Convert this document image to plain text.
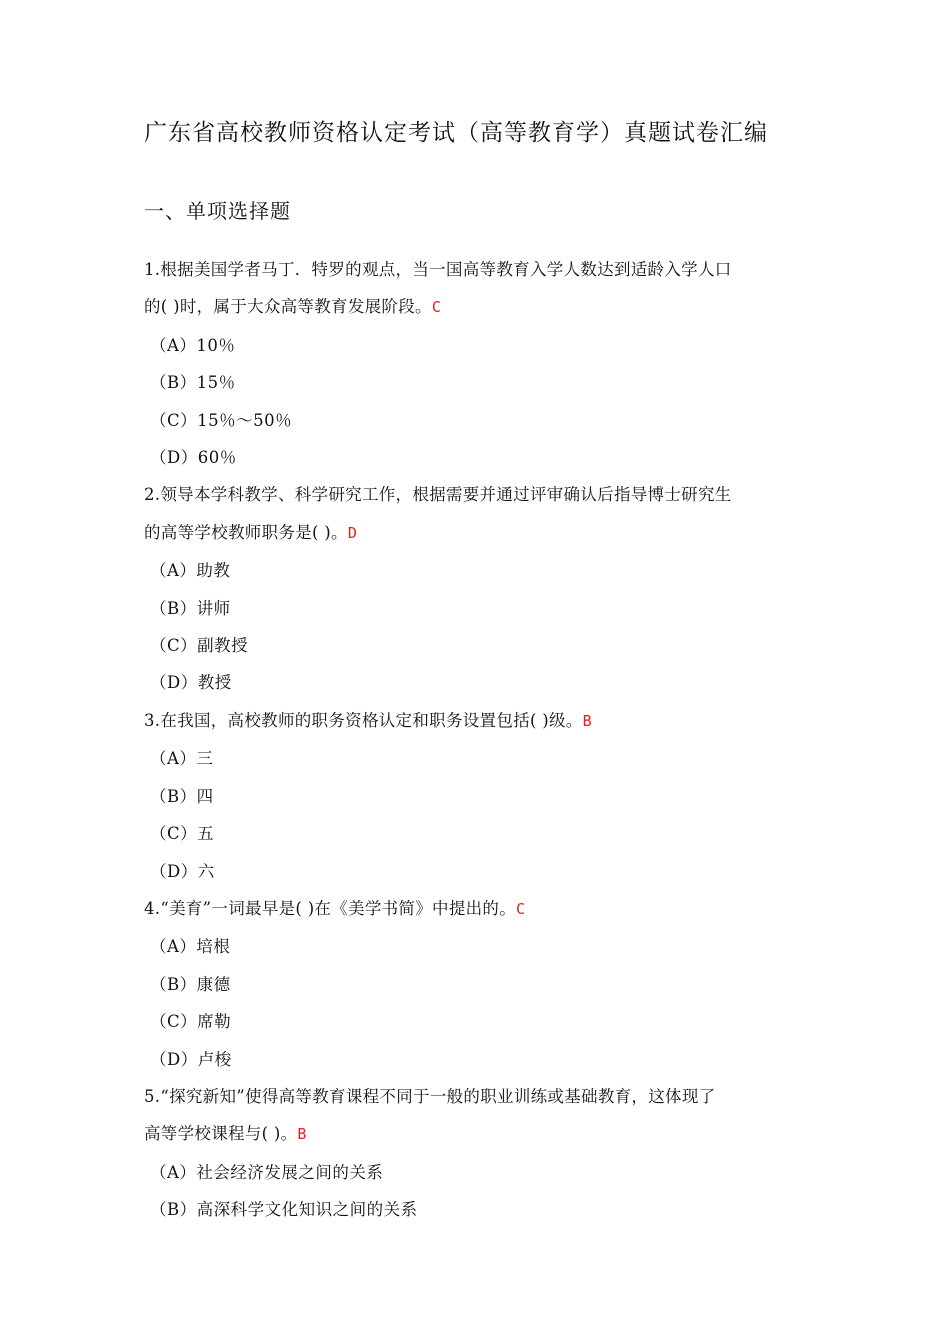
广东省高校教师资格认定考试（高等教育学）真题试卷汇编
一、单项选择题
1.根据美国学者马丁．特罗的观点，当一国高等教育入学人数达到适龄入学人口
的( )时，属于大众高等教育发展阶段。C
（A）10％
（B）15％
（C）15％～50％
（D）60％
2.领导本学科教学、科学研究工作，根据需要并通过评审确认后指导博士研究生
的高等学校教师职务是( )。D
（A）助教
（B）讲师
（C）副教授
（D）教授
3.在我国，高校教师的职务资格认定和职务设置包括( )级。B
（A）三
（B）四
（C）五
（D）六
4.“美育”一词最早是( )在《美学书简》中提出的。C
（A）培根
（B）康德
（C）席勒
（D）卢梭
5.“探究新知”使得高等教育课程不同于一般的职业训练或基础教育，这体现了
高等学校课程与( )。B
（A）社会经济发展之间的关系
（B）高深科学文化知识之间的关系
